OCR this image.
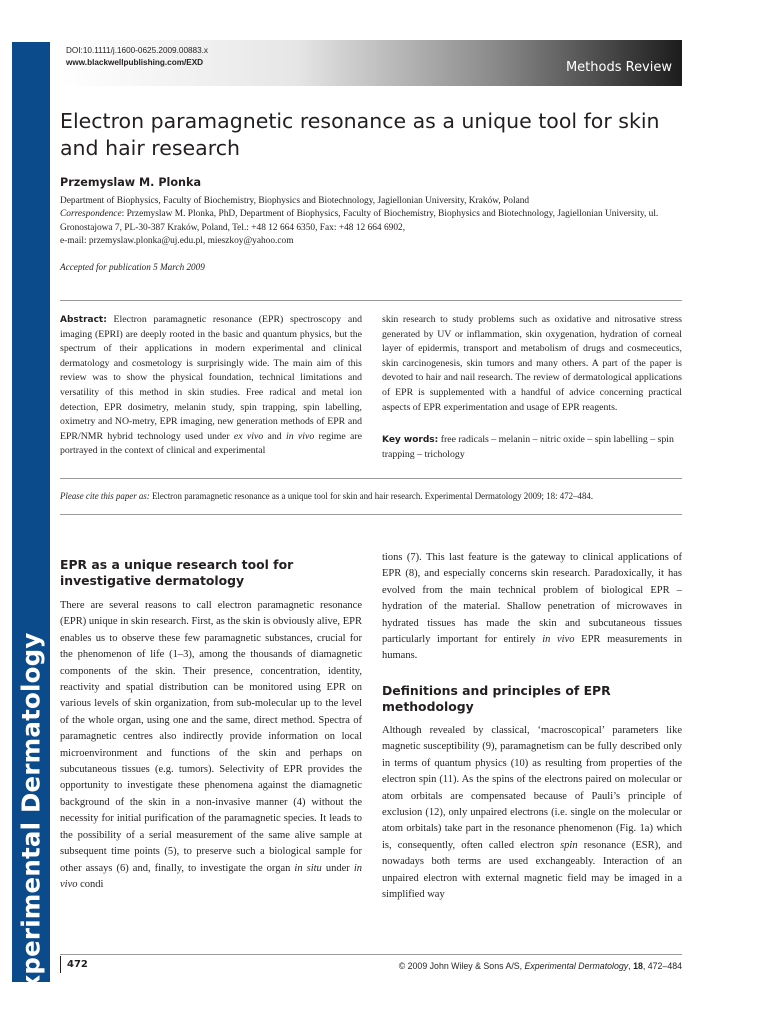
Experimental Dermatology
DOI:10.1111/j.1600-0625.2009.00883.x
www.blackwellpublishing.com/EXD	Methods Review
Electron paramagnetic resonance as a unique tool for skin and hair research
Przemyslaw M. Plonka

Department of Biophysics, Faculty of Biochemistry, Biophysics and Biotechnology, Jagiellonian University, Kraków, Poland
Correspondence: Przemyslaw M. Plonka, PhD, Department of Biophysics, Faculty of Biochemistry, Biophysics and Biotechnology, Jagiellonian University, ul. Gronostajowa 7, PL-30-387 Kraków, Poland, Tel.: +48 12 664 6350, Fax: +48 12 664 6902,
e-mail: przemyslaw.plonka@uj.edu.pl, mieszkoy@yahoo.com

Accepted for publication 5 March 2009

Abstract: Electron paramagnetic resonance (EPR) spectroscopy and imaging (EPRI) are deeply rooted in the basic and quantum physics, but the spectrum of their applications in modern experimental and clinical dermatology and cosmetology is surprisingly wide. The main aim of this review was to show the physical foundation, technical limitations and versatility of this method in skin studies. Free radical and metal ion detection, EPR dosimetry, melanin study, spin trapping, spin labelling, oximetry and NO-metry, EPR imaging, new generation methods of EPR and EPR/NMR hybrid technology used under ex vivo and in vivo regime are portrayed in the context of clinical and experimental

skin research to study problems such as oxidative and nitrosative stress generated by UV or inflammation, skin oxygenation, hydration of corneal layer of epidermis, transport and metabolism of drugs and cosmeceutics, skin carcinogenesis, skin tumors and many others. A part of the paper is devoted to hair and nail research. The review of dermatological applications of EPR is supplemented with a handful of advice concerning practical aspects of EPR experimentation and usage of EPR reagents.

Key words: free radicals – melanin – nitric oxide – spin labelling – spin trapping – trichology

Please cite this paper as: Electron paramagnetic resonance as a unique tool for skin and hair research. Experimental Dermatology 2009; 18: 472–484.

EPR as a unique research tool for investigative dermatology

There are several reasons to call electron paramagnetic resonance (EPR) unique in skin research. First, as the skin is obviously alive, EPR enables us to observe these few paramagnetic substances, crucial for the phenomenon of life (1–3), among the thousands of diamagnetic components of the skin. Their presence, concentration, identity, reactivity and spatial distribution can be monitored using EPR on various levels of skin organization, from sub-molecular up to the level of the whole organ, using one and the same, direct method. Spectra of paramagnetic centres also indirectly provide information on local microenvironment and functions of the skin and perhaps on subcutaneous tissues (e.g. tumors). Selectivity of EPR provides the opportunity to investigate these phenomena against the diamagnetic background of the skin in a non-invasive manner (4) without the necessity for initial purification of the paramagnetic species. It leads to the possibility of a serial measurement of the same alive sample at subsequent time points (5), to preserve such a biological sample for other assays (6) and, finally, to investigate the organ in situ under in vivo condi

tions (7). This last feature is the gateway to clinical applications of EPR (8), and especially concerns skin research. Paradoxically, it has evolved from the main technical problem of biological EPR – hydration of the material. Shallow penetration of microwaves in hydrated tissues has made the skin and subcutaneous tissues particularly important for entirely in vivo EPR measurements in humans.

Definitions and principles of EPR methodology

Although revealed by classical, ‘macroscopical’ parameters like magnetic susceptibility (9), paramagnetism can be fully described only in terms of quantum physics (10) as resulting from properties of the electron spin (11). As the spins of the electrons paired on molecular or atom orbitals are compensated because of Pauli’s principle of exclusion (12), only unpaired electrons (i.e. single on the molecular or atom orbitals) take part in the resonance phenomenon (Fig. 1a) which is, consequently, often called electron spin resonance (ESR), and nowadays both terms are used exchangeably. Interaction of an unpaired electron with external magnetic field may be imaged in a simplified way

472	© 2009 John Wiley & Sons A/S, Experimental Dermatology, 18, 472–484
